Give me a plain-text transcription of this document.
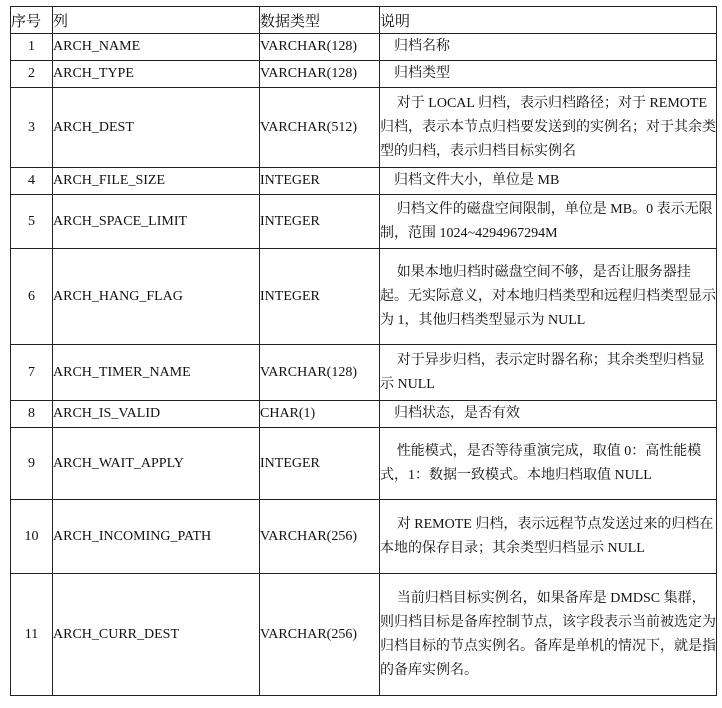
序号	列	数据类型	说明
1	ARCH_NAME	VARCHAR(128)	归档名称

2	ARCH_TYPE	VARCHAR(128)	归档类型

3	ARCH_DEST	VARCHAR(512)	对于 LOCAL 归档，表示归档路径；对于 REMOTE 归档，表示本节点归档要发送到的实例名；对于其余类型的归档，表示归档目标实例名

4	ARCH_FILE_SIZE	INTEGER	归档文件大小，单位是 MB

5	ARCH_SPACE_LIMIT	INTEGER	归档文件的磁盘空间限制，单位是 MB。0 表示无限制，范围 1024~4294967294M

6	ARCH_HANG_FLAG	INTEGER	如果本地归档时磁盘空间不够，是否让服务器挂起。无实际意义，对本地归档类型和远程归档类型显示为 1，其他归档类型显示为 NULL

7	ARCH_TIMER_NAME	VARCHAR(128)	对于异步归档，表示定时器名称；其余类型归档显示 NULL

8	ARCH_IS_VALID	CHAR(1)	归档状态，是否有效

9	ARCH_WAIT_APPLY	INTEGER	性能模式，是否等待重演完成，取值 0：高性能模式，1：数据一致模式。本地归档取值 NULL

10	ARCH_INCOMING_PATH	VARCHAR(256)	对 REMOTE 归档，表示远程节点发送过来的归档在本地的保存目录；其余类型归档显示 NULL

11	ARCH_CURR_DEST	VARCHAR(256)	当前归档目标实例名，如果备库是 DMDSC 集群，则归档目标是备库控制节点，该字段表示当前被选定为归档目标的节点实例名。备库是单机的情况下，就是指的备库实例名。
